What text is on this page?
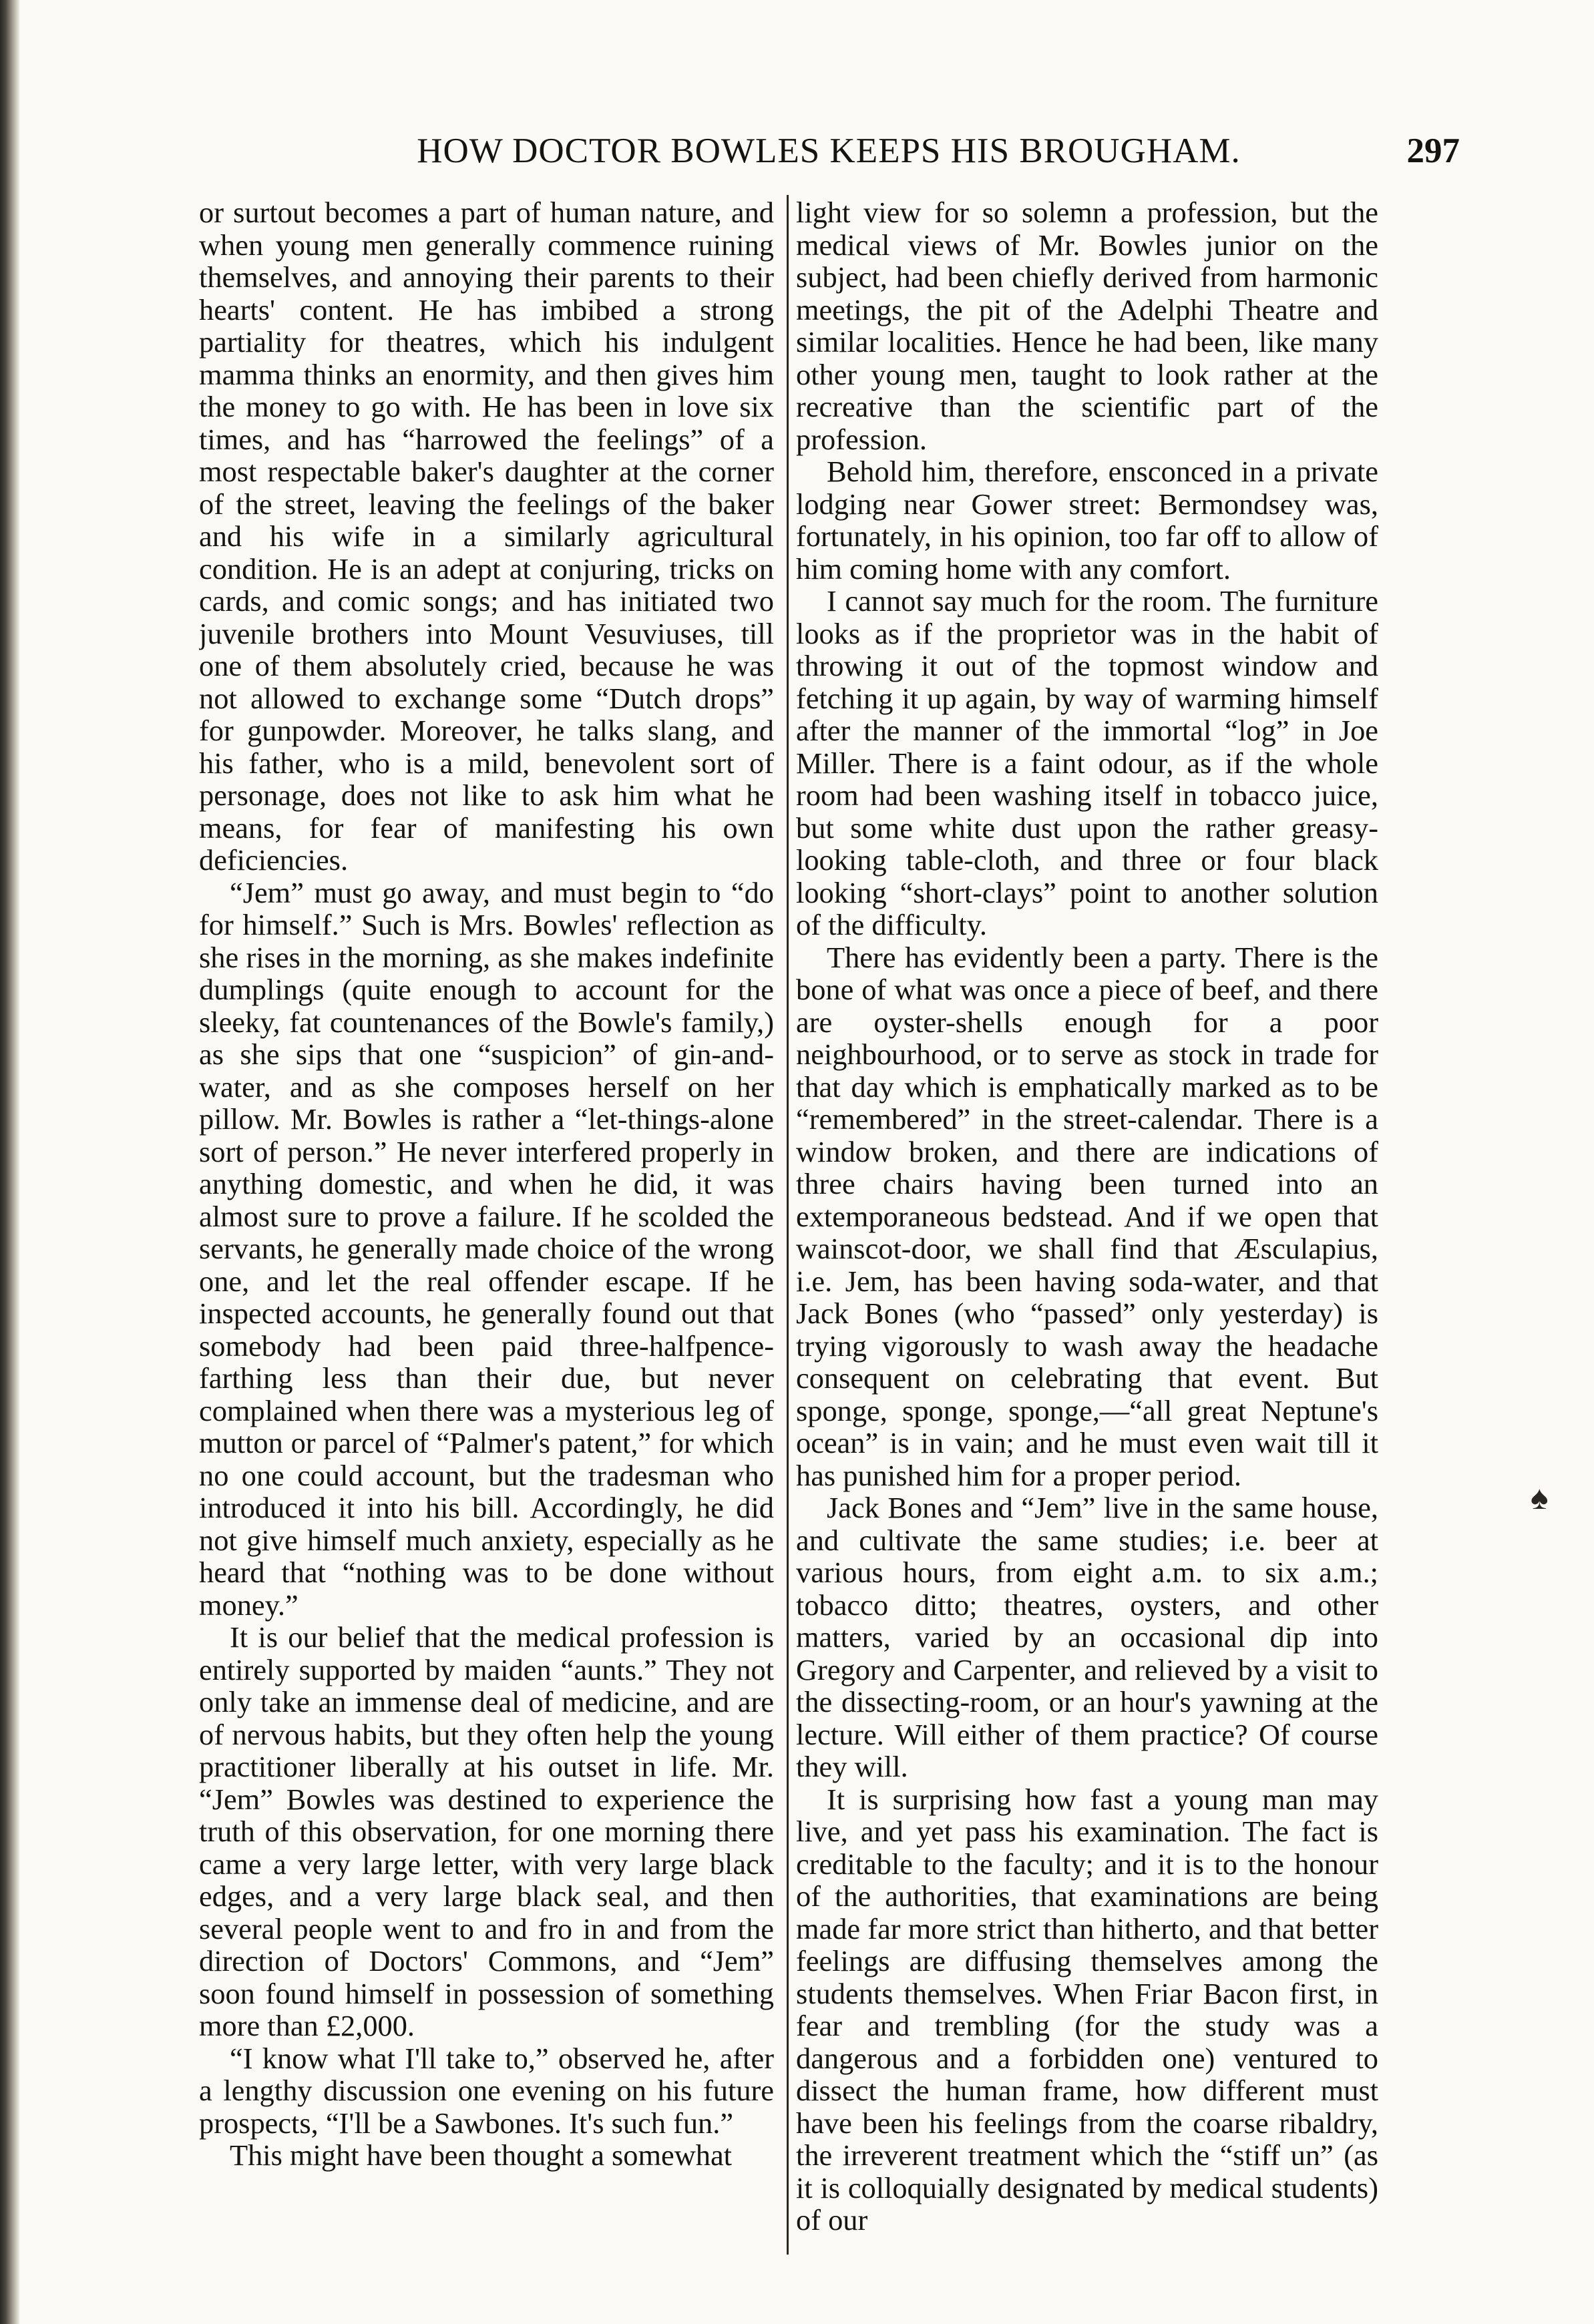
HOW DOCTOR BOWLES KEEPS HIS BROUGHAM.	297

or surtout becomes a part of human nature, and when young men generally commence ruining themselves, and annoying their parents to their hearts' content. He has imbibed a strong partiality for theatres, which his indulgent mamma thinks an enormity, and then gives him the money to go with. He has been in love six times, and has “harrowed the feelings” of a most respectable baker's daughter at the corner of the street, leaving the feelings of the baker and his wife in a similarly agricultural condition. He is an adept at conjuring, tricks on cards, and comic songs; and has initiated two juvenile brothers into Mount Vesuviuses, till one of them absolutely cried, because he was not allowed to exchange some “Dutch drops” for gunpowder. Moreover, he talks slang, and his father, who is a mild, benevolent sort of personage, does not like to ask him what he means, for fear of manifesting his own deficiencies.

“Jem” must go away, and must begin to “do for himself.” Such is Mrs. Bowles' reflection as she rises in the morning, as she makes indefinite dumplings (quite enough to account for the sleeky, fat countenances of the Bowle's family,) as she sips that one “suspicion” of gin-and-water, and as she composes herself on her pillow. Mr. Bowles is rather a “let-things-alone sort of person.” He never interfered properly in anything domestic, and when he did, it was almost sure to prove a failure. If he scolded the servants, he generally made choice of the wrong one, and let the real offender escape. If he inspected accounts, he generally found out that somebody had been paid three-halfpence-farthing less than their due, but never complained when there was a mysterious leg of mutton or parcel of “Palmer's patent,” for which no one could account, but the tradesman who introduced it into his bill. Accordingly, he did not give himself much anxiety, especially as he heard that “nothing was to be done without money.”

It is our belief that the medical profession is entirely supported by maiden “aunts.” They not only take an immense deal of medicine, and are of nervous habits, but they often help the young practitioner liberally at his outset in life. Mr. “Jem” Bowles was destined to experience the truth of this observation, for one morning there came a very large letter, with very large black edges, and a very large black seal, and then several people went to and fro in and from the direction of Doctors' Commons, and “Jem” soon found himself in possession of something more than £2,000.

“I know what I'll take to,” observed he, after a lengthy discussion one evening on his future prospects, “I'll be a Sawbones. It's such fun.”

This might have been thought a somewhat

light view for so solemn a profession, but the medical views of Mr. Bowles junior on the subject, had been chiefly derived from harmonic meetings, the pit of the Adelphi Theatre and similar localities. Hence he had been, like many other young men, taught to look rather at the recreative than the scientific part of the profession.

Behold him, therefore, ensconced in a private lodging near Gower street: Bermondsey was, fortunately, in his opinion, too far off to allow of him coming home with any comfort.

I cannot say much for the room. The furniture looks as if the proprietor was in the habit of throwing it out of the topmost window and fetching it up again, by way of warming himself after the manner of the immortal “log” in Joe Miller. There is a faint odour, as if the whole room had been washing itself in tobacco juice, but some white dust upon the rather greasy-looking table-cloth, and three or four black looking “short-clays” point to another solution of the difficulty.

There has evidently been a party. There is the bone of what was once a piece of beef, and there are oyster-shells enough for a poor neighbourhood, or to serve as stock in trade for that day which is emphatically marked as to be “remembered” in the street-calendar. There is a window broken, and there are indications of three chairs having been turned into an extemporaneous bedstead. And if we open that wainscot-door, we shall find that Æsculapius, i.e. Jem, has been having soda-water, and that Jack Bones (who “passed” only yesterday) is trying vigorously to wash away the headache consequent on celebrating that event. But sponge, sponge, sponge,—“all great Neptune's ocean” is in vain; and he must even wait till it has punished him for a proper period.

Jack Bones and “Jem” live in the same house, and cultivate the same studies; i.e. beer at various hours, from eight a.m. to six a.m.; tobacco ditto; theatres, oysters, and other matters, varied by an occasional dip into Gregory and Carpenter, and relieved by a visit to the dissecting-room, or an hour's yawning at the lecture. Will either of them practice? Of course they will.

It is surprising how fast a young man may live, and yet pass his examination. The fact is creditable to the faculty; and it is to the honour of the authorities, that examinations are being made far more strict than hitherto, and that better feelings are diffusing themselves among the students themselves. When Friar Bacon first, in fear and trembling (for the study was a dangerous and a forbidden one) ventured to dissect the human frame, how different must have been his feelings from the coarse ribaldry, the irreverent treatment which the “stiff un” (as it is colloquially designated by medical students) of our

♠
